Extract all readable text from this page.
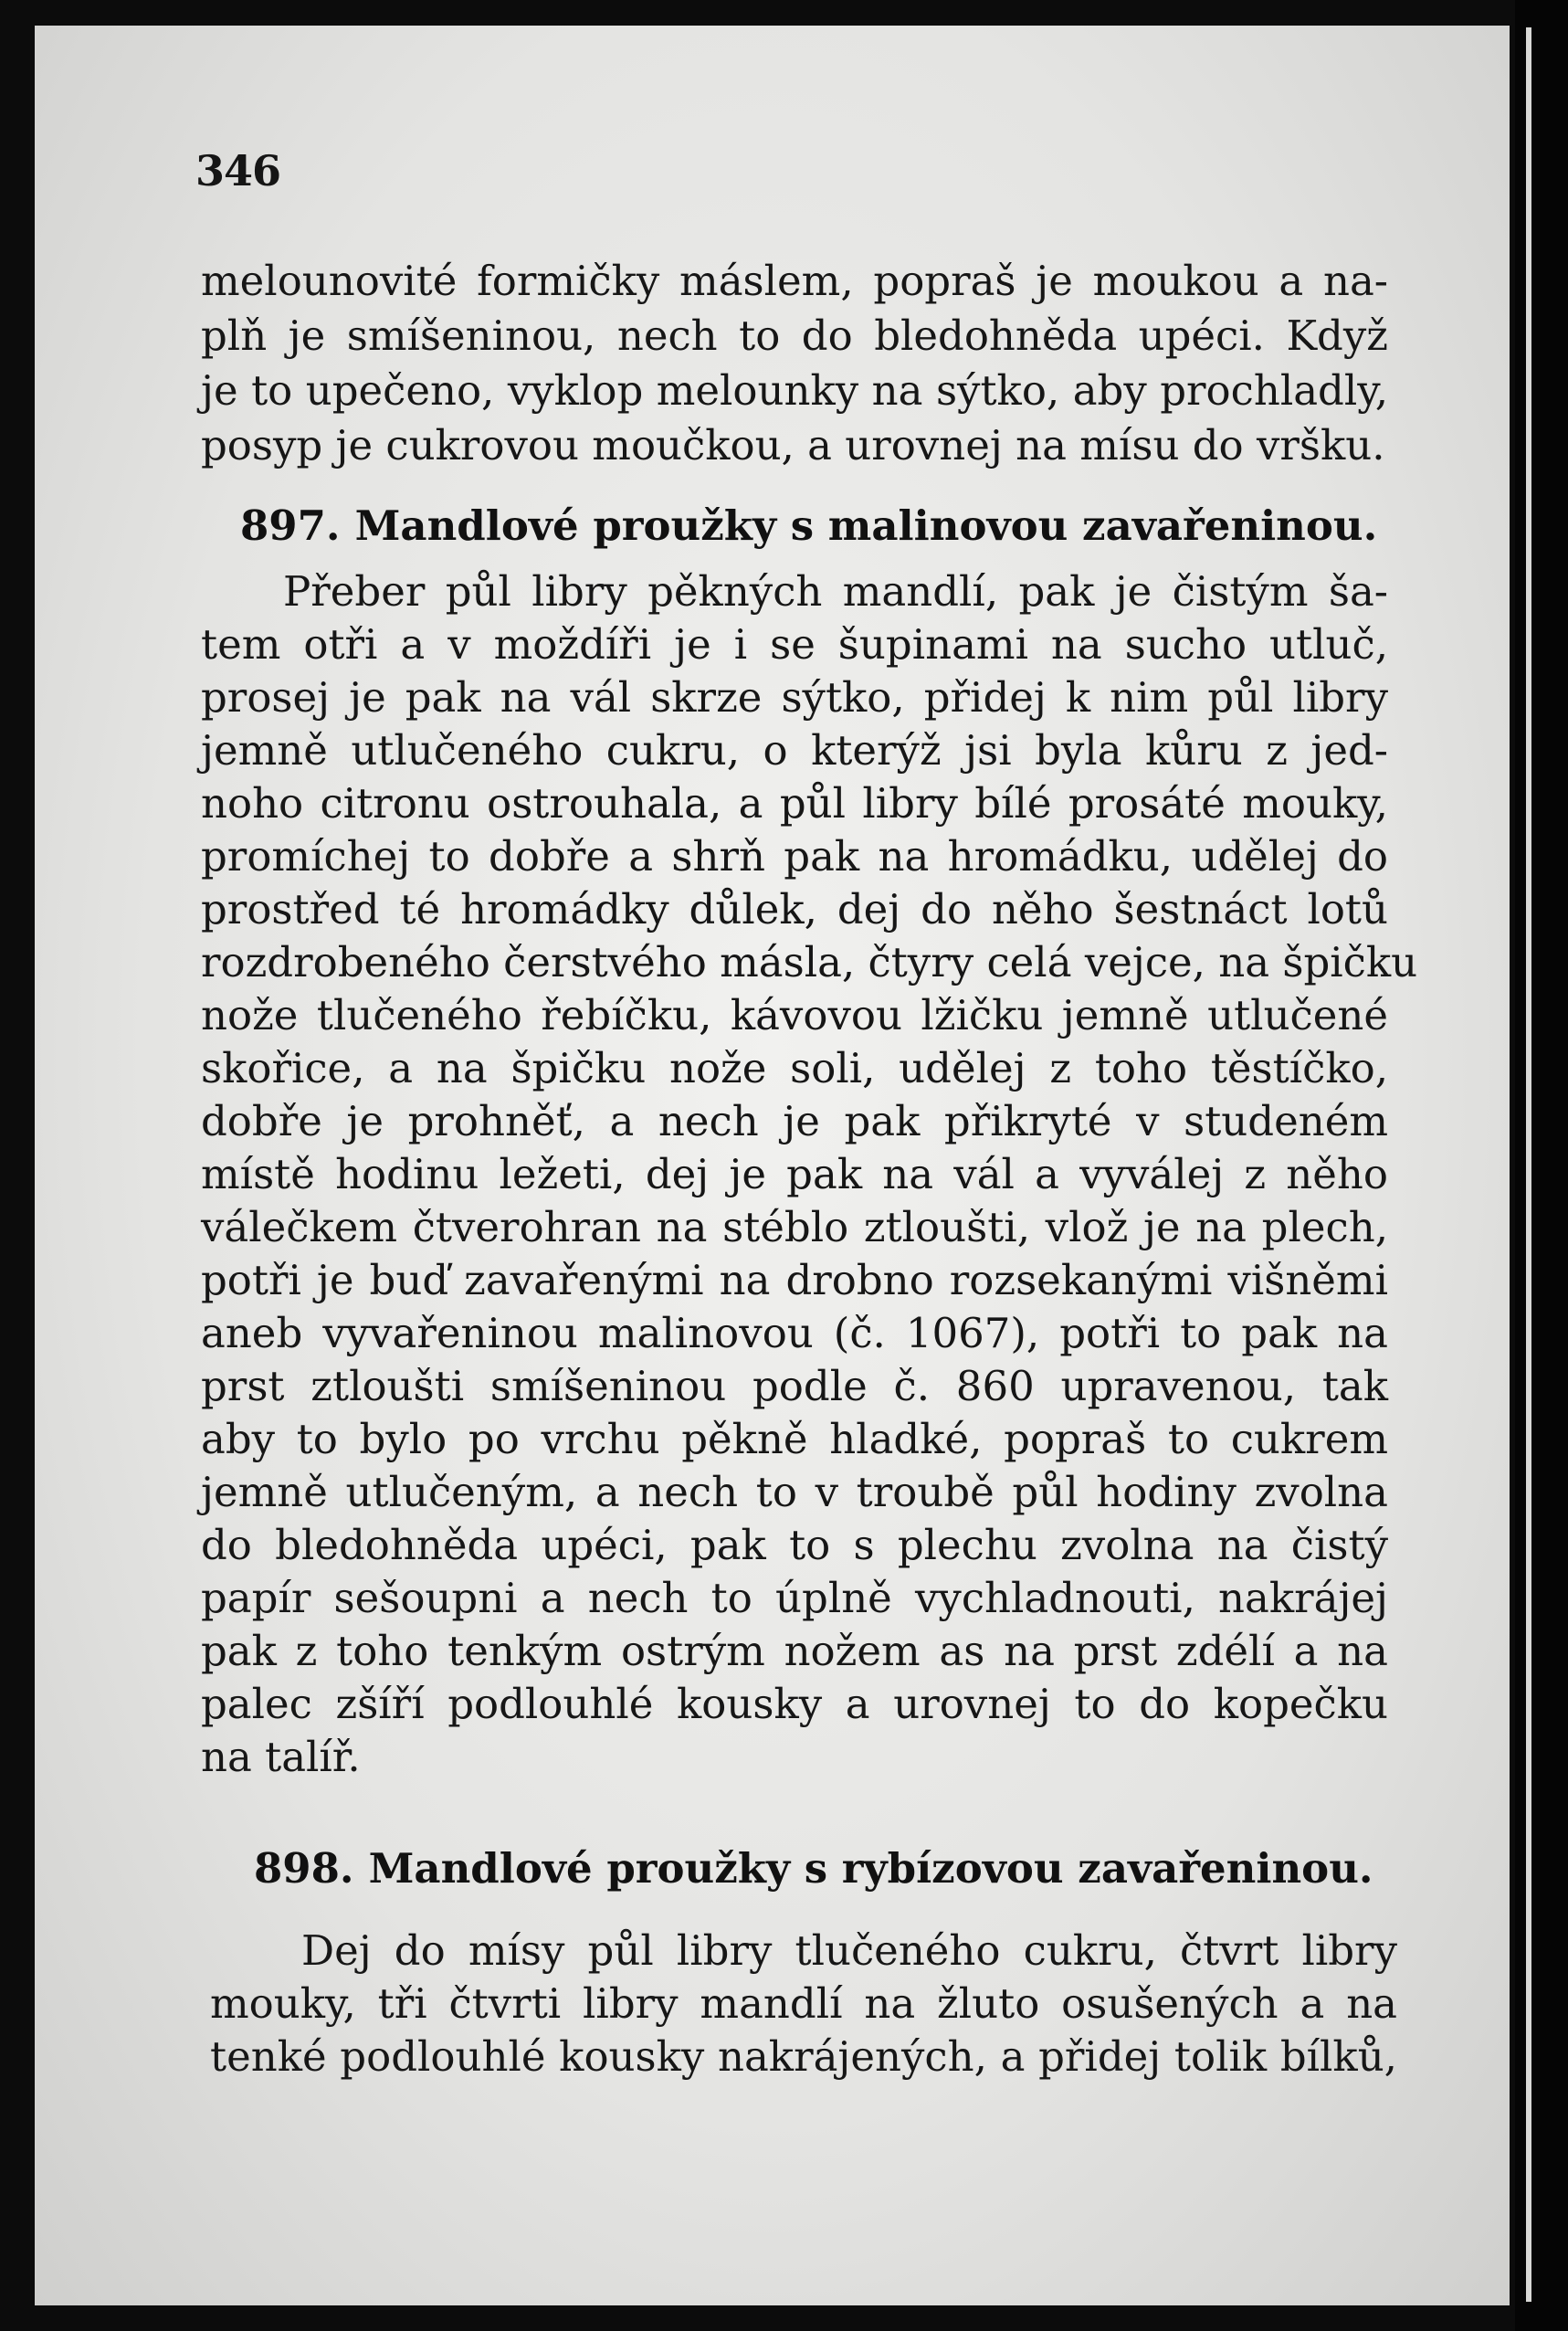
346
melounovité formičky máslem, popraš je moukou a na-
plň je smíšeninou, nech to do bledohněda upéci. Když
je to upečeno, vyklop melounky na sýtko, aby prochladly,
posyp je cukrovou moučkou, a urovnej na mísu do vršku.
897. Mandlové proužky s malinovou zavařeninou.
Přeber půl libry pěkných mandlí, pak je čistým ša-
tem otři a v moždíři je i se šupinami na sucho utluč,
prosej je pak na vál skrze sýtko, přidej k nim půl libry
jemně utlučeného cukru, o kterýž jsi byla kůru z jed-
noho citronu ostrouhala, a půl libry bílé prosáté mouky,
promíchej to dobře a shrň pak na hromádku, udělej do
prostřed té hromádky důlek, dej do něho šestnáct lotů
rozdrobeného čerstvého másla, čtyry celá vejce, na špičku
nože tlučeného řebíčku, kávovou lžičku jemně utlučené
skořice, a na špičku nože soli, udělej z toho těstíčko,
dobře je prohněť, a nech je pak přikryté v studeném
místě hodinu ležeti, dej je pak na vál a vyválej z něho
válečkem čtverohran na stéblo ztloušti, vlož je na plech,
potři je buď zavařenými na drobno rozsekanými višněmi
aneb vyvařeninou malinovou (č. 1067), potři to pak na
prst ztloušti smíšeninou podle č. 860 upravenou, tak
aby to bylo po vrchu pěkně hladké, popraš to cukrem
jemně utlučeným, a nech to v troubě půl hodiny zvolna
do bledohněda upéci, pak to s plechu zvolna na čistý
papír sešoupni a nech to úplně vychladnouti, nakrájej
pak z toho tenkým ostrým nožem as na prst zdélí a na
palec zšíří podlouhlé kousky a urovnej to do kopečku
na talíř.
898. Mandlové proužky s rybízovou zavařeninou.
Dej do mísy půl libry tlučeného cukru, čtvrt libry
mouky, tři čtvrti libry mandlí na žluto osušených a na
tenké podlouhlé kousky nakrájených, a přidej tolik bílků,
